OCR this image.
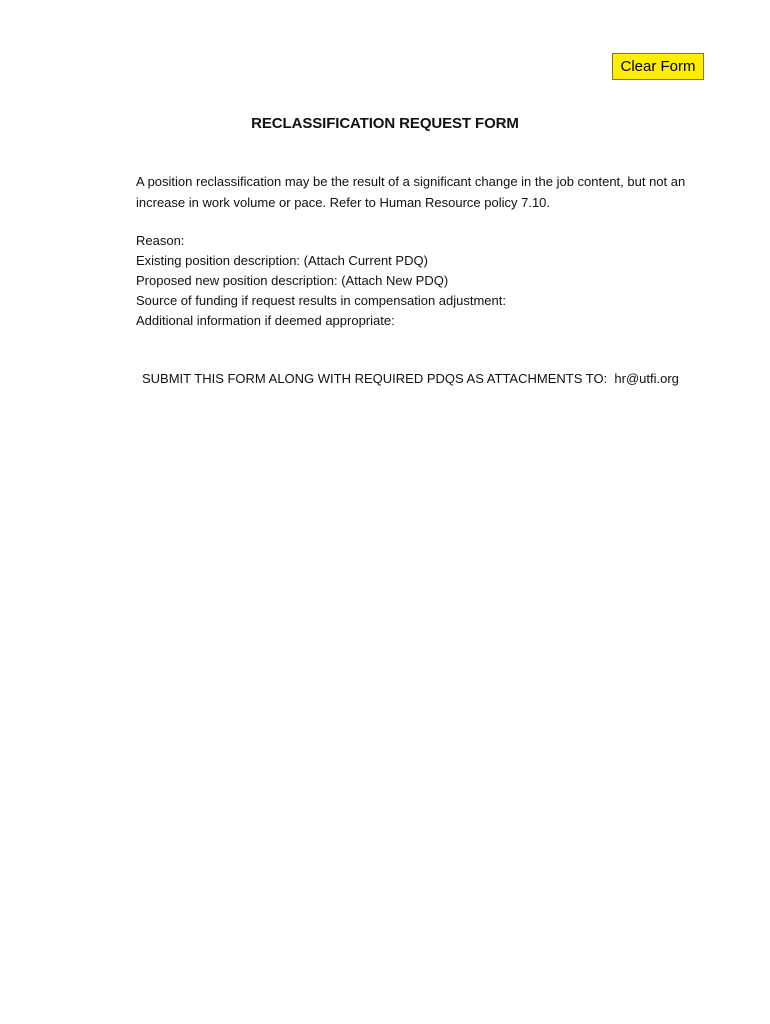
Clear Form
RECLASSIFICATION REQUEST FORM

A position reclassification may be the result of a significant change in the job content, but not an
increase in work volume or pace. Refer to Human Resource policy 7.10.

Reason:
Existing position description: (Attach Current PDQ)
Proposed new position description: (Attach New PDQ)
Source of funding if request results in compensation adjustment:
Additional information if deemed appropriate:

SUBMIT THIS FORM ALONG WITH REQUIRED PDQS AS ATTACHMENTS TO:  hr@utfi.org
